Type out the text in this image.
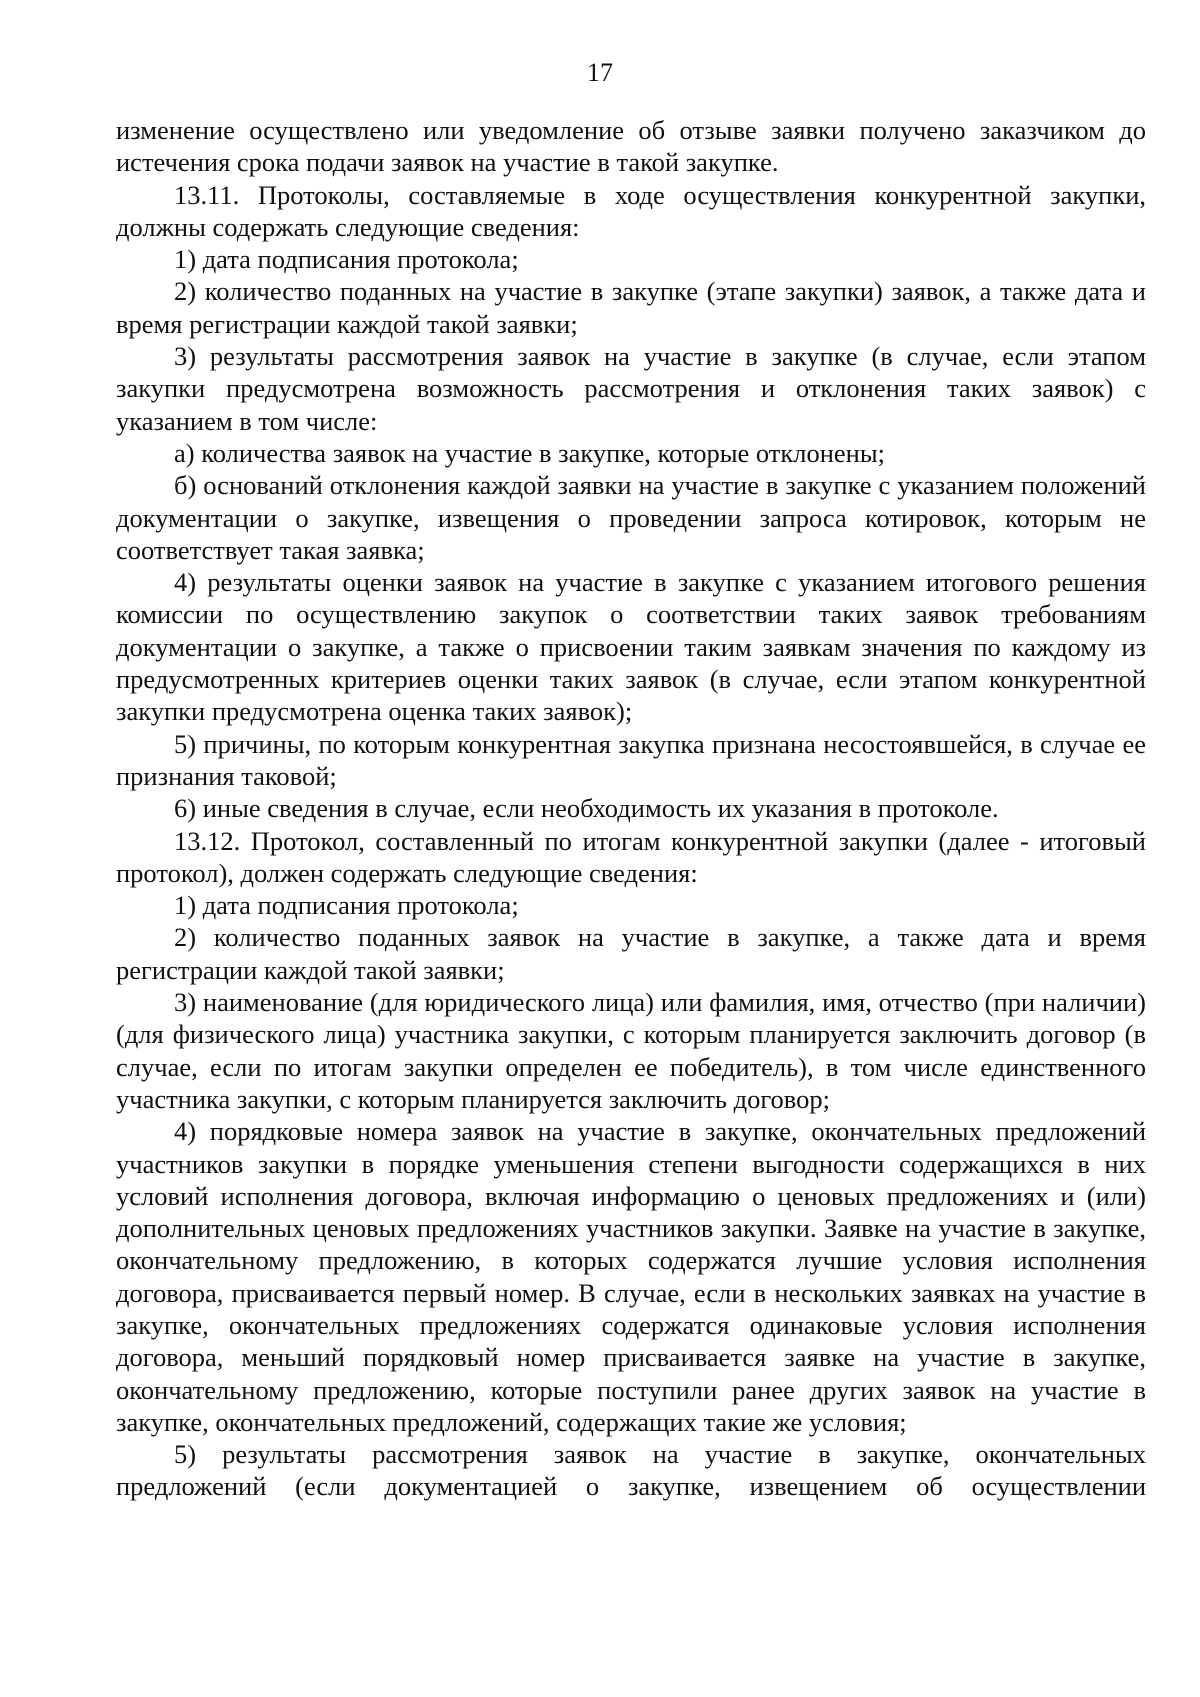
17

изменение осуществлено или уведомление об отзыве заявки получено заказчиком до истечения срока подачи заявок на участие в такой закупке.

13.11. Протоколы, составляемые в ходе осуществления конкурентной закупки, должны содержать следующие сведения:

1) дата подписания протокола;

2) количество поданных на участие в закупке (этапе закупки) заявок, а также дата и время регистрации каждой такой заявки;

3) результаты рассмотрения заявок на участие в закупке (в случае, если этапом закупки предусмотрена возможность рассмотрения и отклонения таких заявок) с указанием в том числе:

а) количества заявок на участие в закупке, которые отклонены;

б) оснований отклонения каждой заявки на участие в закупке с указанием положений документации о закупке, извещения о проведении запроса котировок, которым не соответствует такая заявка;

4) результаты оценки заявок на участие в закупке с указанием итогового решения комиссии по осуществлению закупок о соответствии таких заявок требованиям документации о закупке, а также о присвоении таким заявкам значения по каждому из предусмотренных критериев оценки таких заявок (в случае, если этапом конкурентной закупки предусмотрена оценка таких заявок);

5) причины, по которым конкурентная закупка признана несостоявшейся, в случае ее признания таковой;

6) иные сведения в случае, если необходимость их указания в протоколе.

13.12. Протокол, составленный по итогам конкурентной закупки (далее - итоговый протокол), должен содержать следующие сведения:

1) дата подписания протокола;

2) количество поданных заявок на участие в закупке, а также дата и время регистрации каждой такой заявки;

3) наименование (для юридического лица) или фамилия, имя, отчество (при наличии) (для физического лица) участника закупки, с которым планируется заключить договор (в случае, если по итогам закупки определен ее победитель), в том числе единственного участника закупки, с которым планируется заключить договор;

4) порядковые номера заявок на участие в закупке, окончательных предложений участников закупки в порядке уменьшения степени выгодности содержащихся в них условий исполнения договора, включая информацию о ценовых предложениях и (или) дополнительных ценовых предложениях участников закупки. Заявке на участие в закупке, окончательному предложению, в которых содержатся лучшие условия исполнения договора, присваивается первый номер. В случае, если в нескольких заявках на участие в закупке, окончательных предложениях содержатся одинаковые условия исполнения договора, меньший порядковый номер присваивается заявке на участие в закупке, окончательному предложению, которые поступили ранее других заявок на участие в закупке, окончательных предложений, содержащих такие же условия;

5) результаты рассмотрения заявок на участие в закупке, окончательных предложений (если документацией о закупке, извещением об осуществлении
